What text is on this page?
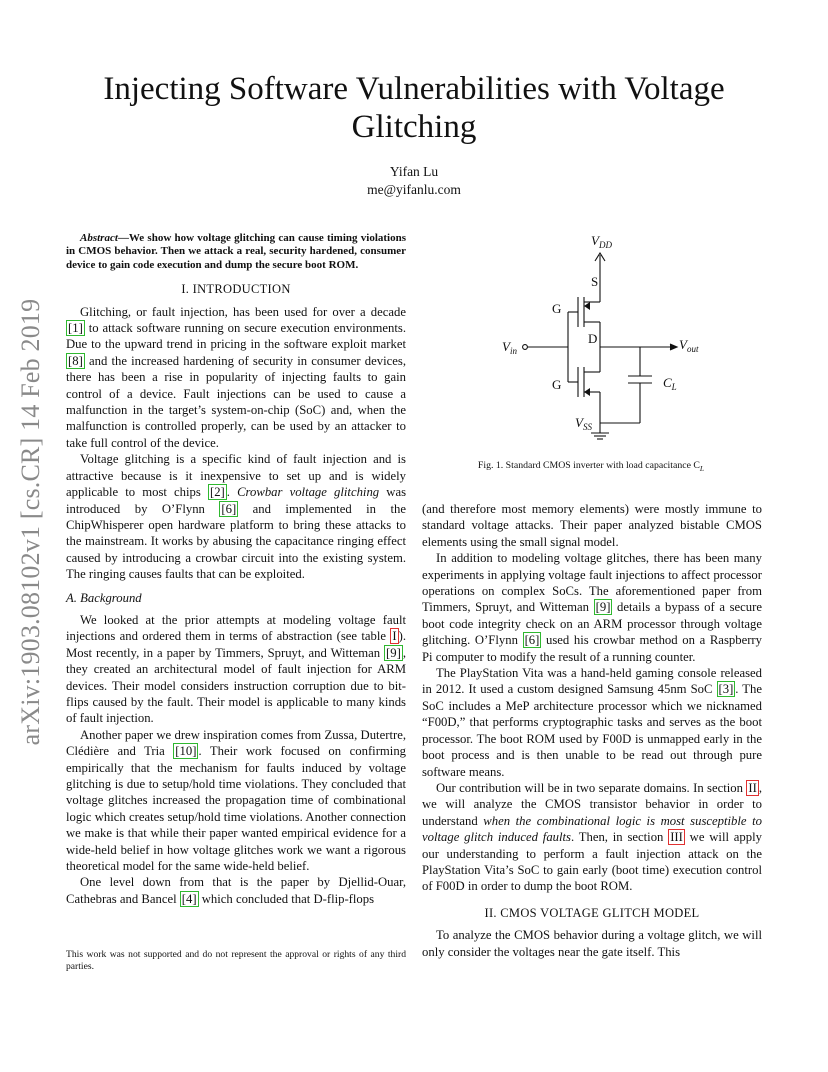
arXiv:1903.08102v1 [cs.CR] 14 Feb 2019
Injecting Software Vulnerabilities with Voltage Glitching
Yifan Lu
me@yifanlu.com

Abstract—We show how voltage glitching can cause timing violations in CMOS behavior. Then we attack a real, security hardened, consumer device to gain code execution and dump the secure boot ROM.

I. INTRODUCTION

Glitching, or fault injection, has been used for over a decade [1] to attack software running on secure execution environments. Due to the upward trend in pricing in the software exploit market [8] and the increased hardening of security in consumer devices, there has been a rise in popularity of injecting faults to gain control of a device. Fault injections can be used to cause a malfunction in the target’s system-on-chip (SoC) and, when the malfunction is controlled properly, can be used by an attacker to take full control of the device.

Voltage glitching is a specific kind of fault injection and is attractive because is it inexpensive to set up and is widely applicable to most chips [2] . Crowbar voltage glitching was introduced by O’Flynn [6] and implemented in the ChipWhisperer open hardware platform to bring these attacks to the mainstream. It works by abusing the capacitance ringing effect caused by introducing a crowbar circuit into the existing system. The ringing causes faults that can be exploited.

A. Background

We looked at the prior attempts at modeling voltage fault injections and ordered them in terms of abstraction (see table I ). Most recently, in a paper by Timmers, Spruyt, and Witteman [9] , they created an architectural model of fault injection for ARM devices. Their model considers instruction corruption due to bit-flips caused by the fault. Their model is applicable to many kinds of fault injection.

Another paper we drew inspiration comes from Zussa, Dutertre, Clédière and Tria [10] . Their work focused on confirming empirically that the mechanism for faults induced by voltage glitching is due to setup/hold time violations. They concluded that voltage glitches increased the propagation time of combinational logic which creates setup/hold time violations. Another connection we make is that while their paper wanted empirical evidence for a wide-held belief in how voltage glitches work we want a rigorous theoretical model for the same wide-held belief.

One level down from that is the paper by Djellid-Ouar, Cathebras and Bancel [4] which concluded that D-flip-flops

This work was not supported and do not represent the approval or rights of any third parties.
$V_{DD}$
S
G
D
$V_{in}$	$V_{out}$
G	$C_L$
$V_{SS}$
Fig. 1. Standard CMOS inverter with load capacitance $C_L$

(and therefore most memory elements) were mostly immune to standard voltage attacks. Their paper analyzed bistable CMOS elements using the small signal model.

In addition to modeling voltage glitches, there has been many experiments in applying voltage fault injections to affect processor operations on complex SoCs. The aforementioned paper from Timmers, Spruyt, and Witteman [9] details a bypass of a secure boot code integrity check on an ARM processor through voltage glitching. O’Flynn [6] used his crowbar method on a Raspberry Pi computer to modify the result of a running counter.

The PlayStation Vita was a hand-held gaming console released in 2012. It used a custom designed Samsung 45nm SoC [3] . The SoC includes a MeP architecture processor which we nicknamed “F00D,” that performs cryptographic tasks and serves as the boot processor. The boot ROM used by F00D is unmapped early in the boot process and is then unable to be read out through pure software means.

Our contribution will be in two separate domains. In section II , we will analyze the CMOS transistor behavior in order to understand when the combinational logic is most susceptible to voltage glitch induced faults. Then, in section III we will apply our understanding to perform a fault injection attack on the PlayStation Vita’s SoC to gain early (boot time) execution control of F00D in order to dump the boot ROM.

II. CMOS VOLTAGE GLITCH MODEL

To analyze the CMOS behavior during a voltage glitch, we will only consider the voltages near the gate itself. This
